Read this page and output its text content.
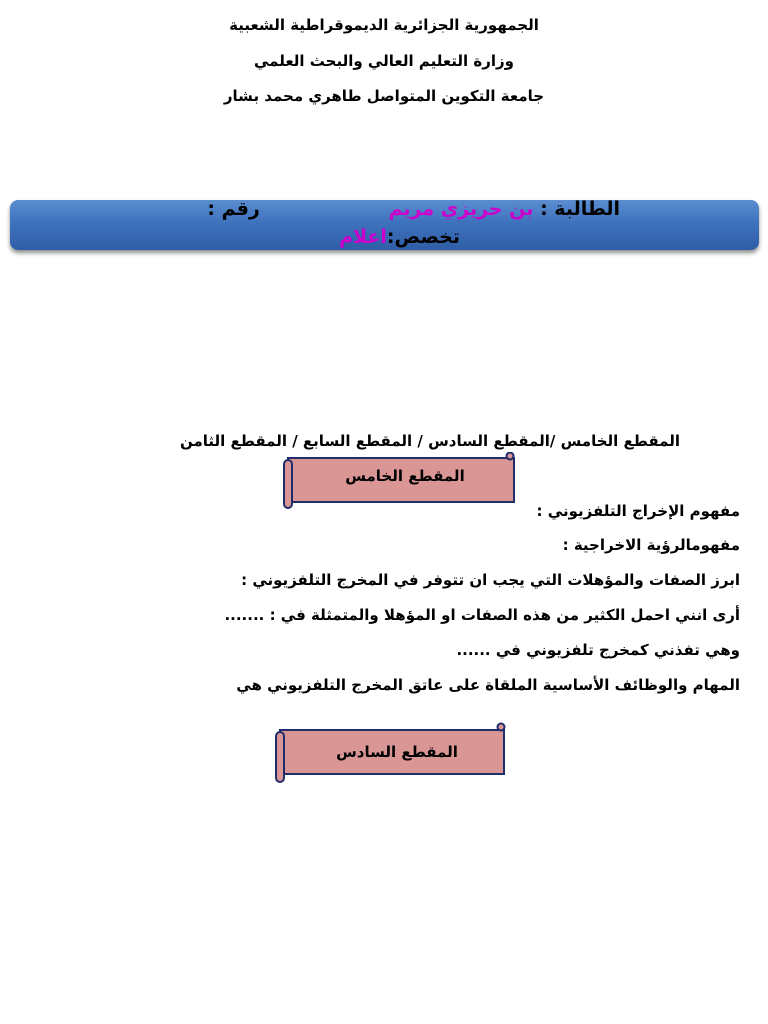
الجمهورية الجزائرية الديموقراطية الشعبية
وزارة التعليم العالي والبحث العلمي
جامعة التكوين المتواصل طاهري محمد بشار
الطالبة : بن حريزي مريم رقم :
تخصص:اعلام
المقطع الخامس /المقطع السادس / المقطع السابع / المقطع الثامن
المقطع الخامس
مفهوم الإخراج التلفزيوني :
مفهومالرؤية الاخراجية :
ابرز الصفات والمؤهلات التي يجب ان تتوفر في المخرج التلفزيوني :
أرى انني احمل الكثير من هذه الصفات او المؤهلا والمتمثلة في : .......
وهي تفذني كمخرج تلفزيوني في ......
المهام والوظائف الأساسية الملقاة على عاتق المخرج التلفزيوني هي
المقطع السادس
